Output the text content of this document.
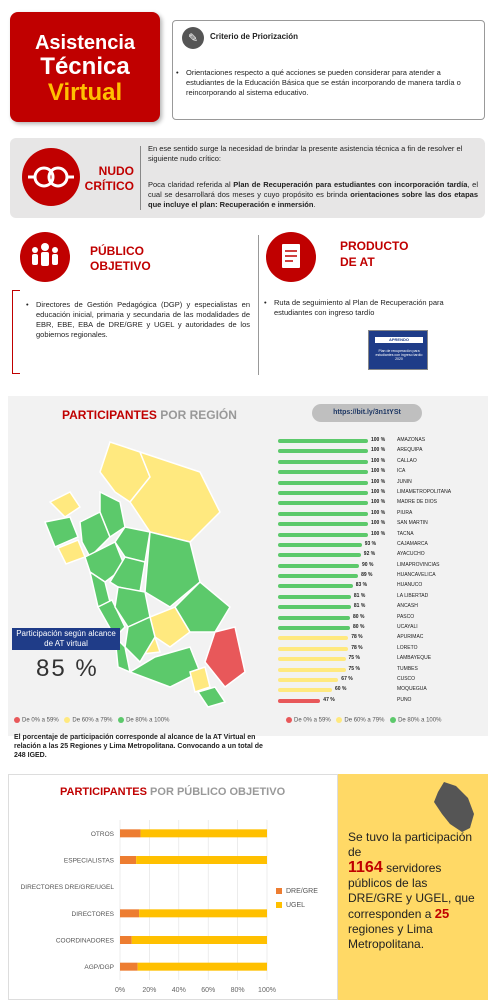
Asistencia
Técnica
Virtual
✎	Criterio de Priorización
• Orientaciones respecto a qué acciones se pueden considerar para atender a estudiantes de la Educación Básica que se están incorporando de manera tardía o reincorporando al sistema educativo.
NUDO
CRÍTICO
En ese sentido surge la necesidad de brindar la presente asistencia técnica a fin de resolver el siguiente nudo crítico:
Poca claridad referida al Plan de Recuperación para estudiantes con incorporación tardía, el cual se desarrollará dos meses y cuyo propósito es brinda orientaciones sobre las dos etapas que incluye el plan: Recuperación e inmersión.
PÚBLICO
OBJETIVO
• Directores de Gestión Pedagógica (DGP) y especialistas en educación inicial, primaria y secundaria de las modalidades de EBR, EBE, EBA de DRE/GRE y UGEL y autoridades de los gobiernos regionales.
PRODUCTO
DE AT
• Ruta de seguimiento al Plan de Recuperación para estudiantes con ingreso tardío
APRENDO
Plan de recuperación para estudiantes con ingreso tardío 2020
PARTICIPANTES POR REGIÓN	https://bit.ly/3n1tYSt
Participación según alcance de AT virtual
85 %
De 0% a 59% De 60% a 79% De 80% a 100%
El porcentaje de participación corresponde al alcance de la AT Virtual en relación a las 25 Regiones y Lima Metropolitana. Convocando a un total de 248 IGED.
100 % AMAZONAS
100 % AREQUIPA
100 % CALLAO
100 % ICA
100 % JUNIN
100 % LIMAMETROPOLITANA
100 % MADRE DE DIOS
100 % PIURA
100 % SAN MARTIN
100 % TACNA
93 %	CAJAMARCA
92 %	AYACUCHO
90 %	LIMAPROVINCIAS
89 %	HUANCAVELICA
83 %	HUANUCO
81 %	LA LIBERTAD
81 %	ANCASH
80 %	PASCO
80 %	UCAYALI
78 %	APURIMAC
78 %	LORETO
75 %	LAMBAYEQUE
75 %	TUMBES
67 %	CUSCO
60 %	MOQUEGUA
47 %	PUNO
De 0% a 59% De 60% a 79% De 80% a 100%
PARTICIPANTES POR PÚBLICO OBJETIVO
0% 20% 40% 60% 80% 100%
AGP/DGP
COORDINADORES
DIRECTORES
DIRECTORES DRE/GRE/UGEL
ESPECIALISTAS
OTROS
DRE/GRE
UGEL
Se tuvo la participación de
1164 servidores públicos de las DRE/GRE y UGEL, que corresponden a 25 regiones y Lima Metropolitana.
